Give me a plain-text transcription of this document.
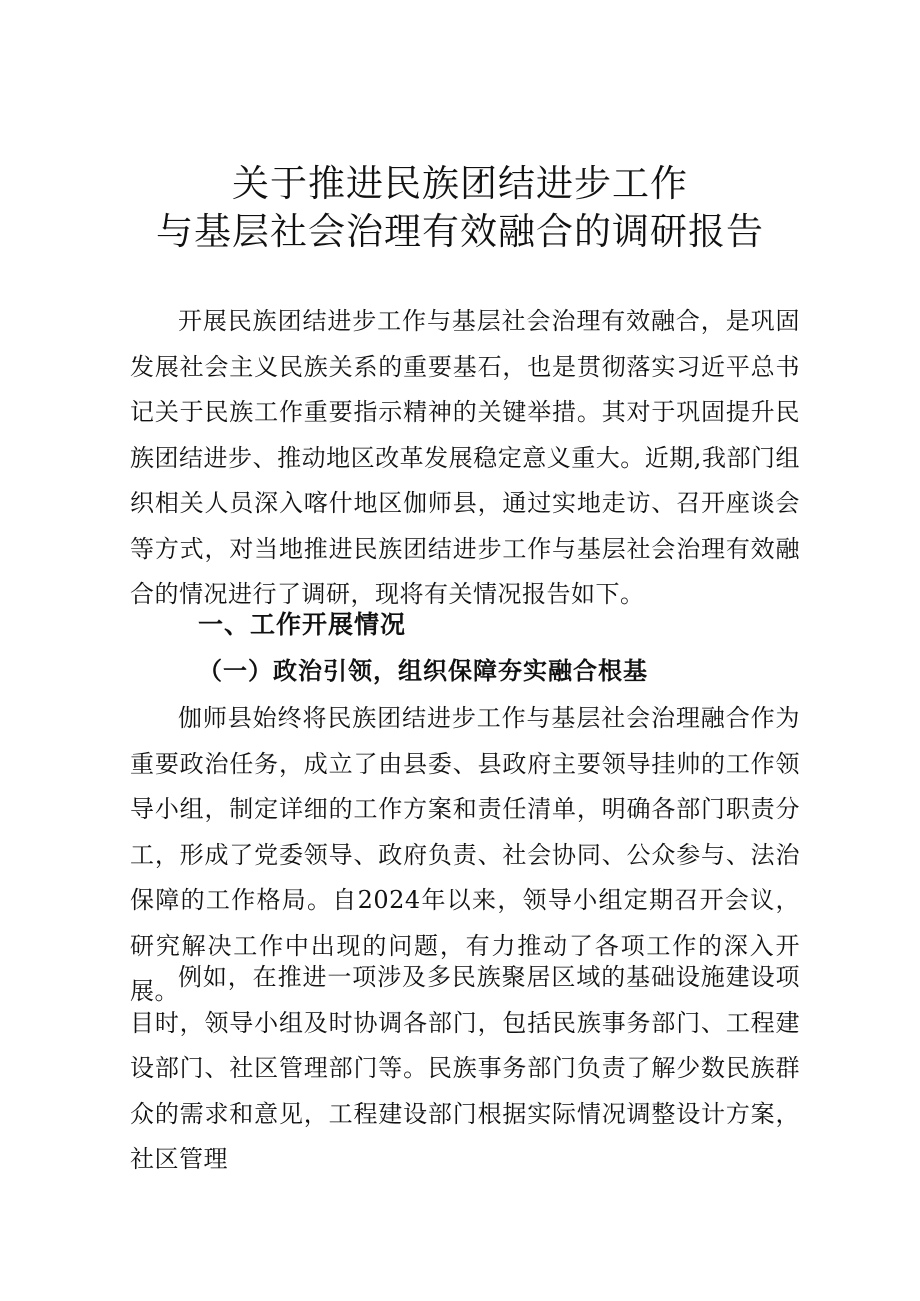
关于推进民族团结进步工作
与基层社会治理有效融合的调研报告

开展民族团结进步工作与基层社会治理有效融合，是巩固发展社会主义民族关系的重要基石，也是贯彻落实习近平总书记关于民族工作重要指示精神的关键举措。其对于巩固提升民族团结进步、推动地区改革发展稳定意义重大。近期,我部门组织相关人员深入喀什地区伽师县，通过实地走访、召开座谈会等方式，对当地推进民族团结进步工作与基层社会治理有效融合的情况进行了调研，现将有关情况报告如下。

一、工作开展情况
（一）政治引领，组织保障夯实融合根基

伽师县始终将民族团结进步工作与基层社会治理融合作为重要政治任务，成立了由县委、县政府主要领导挂帅的工作领导小组，制定详细的工作方案和责任清单，明确各部门职责分工，形成了党委领导、政府负责、社会协同、公众参与、法治保障的工作格局。自2024年以来，领导小组定期召开会议，研究解决工作中出现的问题，有力推动了各项工作的深入开展。 例如，在推进一项涉及多民族聚居区域的基础设施建设项目时，领导小组及时协调各部门，包括民族事务部门、工程建设部门、社区管理部门等。民族事务部门负责了解少数民族群众的需求和意见，工程建设部门根据实际情况调整设计方案，社区管理
